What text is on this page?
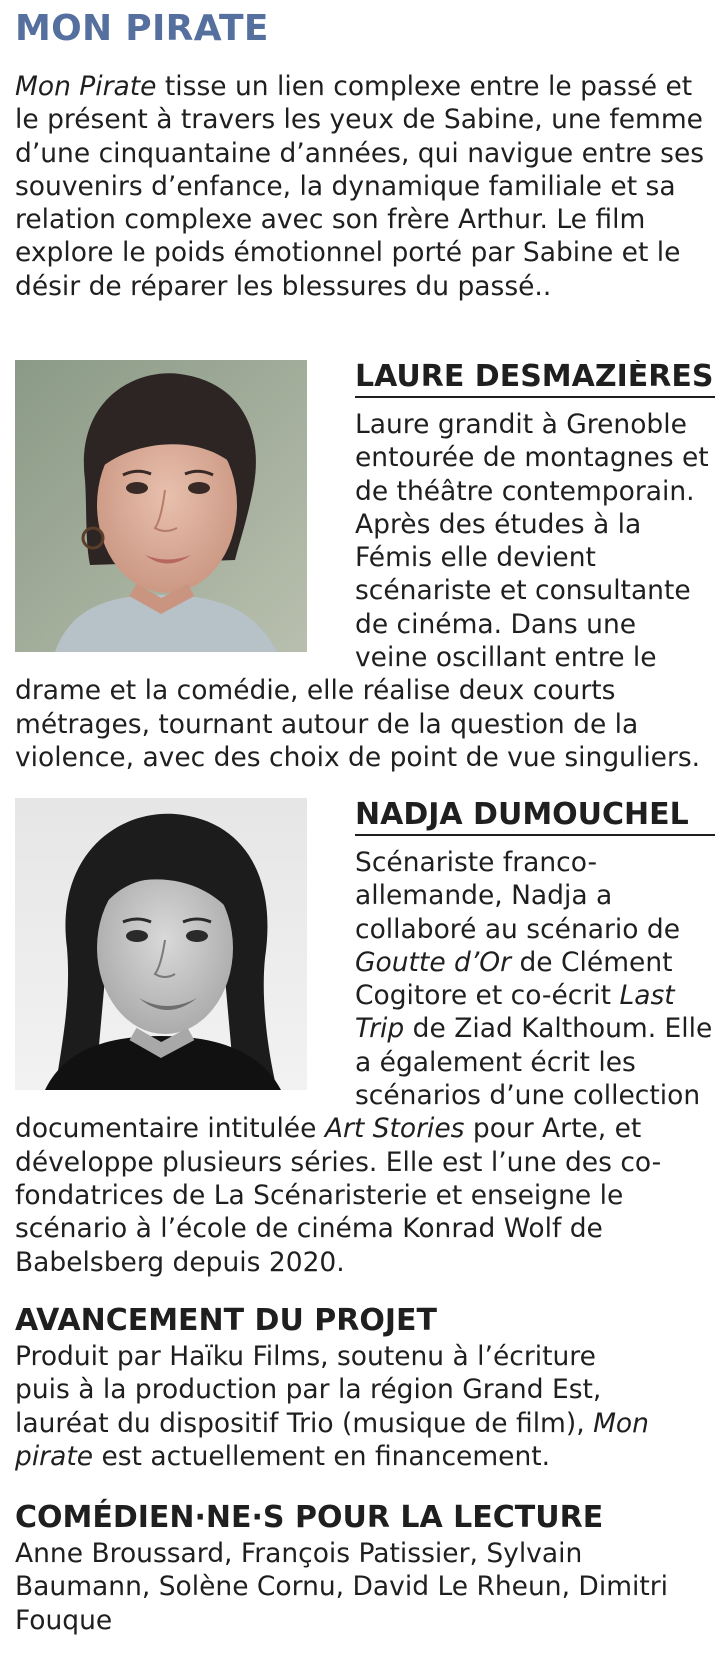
MON PIRATE

Mon Pirate tisse un lien complexe entre le passé et le présent à travers les yeux de Sabine, une femme d’une cinquantaine d’années, qui navigue entre ses souvenirs d’enfance, la dynamique familiale et sa relation complexe avec son frère Arthur. Le film explore le poids émotionnel porté par Sabine et le désir de réparer les blessures du passé..

LAURE DESMAZIÈRES

Laure grandit à Grenoble entourée de montagnes et de théâtre contemporain. Après des études à la Fémis elle devient scénariste et consultante de cinéma. Dans une veine oscillant entre le drame et la comédie, elle réalise deux courts métrages, tournant autour de la question de la violence, avec des choix de point de vue singuliers.

NADJA DUMOUCHEL

Scénariste franco-allemande, Nadja a collaboré au scénario de Goutte d’Or de Clément Cogitore et co-écrit Last Trip de Ziad Kalthoum. Elle a également écrit les scénarios d’une collection documentaire intitulée Art Stories pour Arte, et développe plusieurs séries. Elle est l’une des co-fondatrices de La Scénaristerie et enseigne le scénario à l’école de cinéma Konrad Wolf de Babelsberg depuis 2020.

AVANCEMENT DU PROJET

Produit par Haïku Films, soutenu à l’écriture puis à la production par la région Grand Est, lauréat du dispositif Trio (musique de film), Mon pirate est actuellement en financement.

COMÉDIEN·NE·S POUR LA LECTURE

Anne Broussard, François Patissier, Sylvain Baumann, Solène Cornu, David Le Rheun, Dimitri Fouque
